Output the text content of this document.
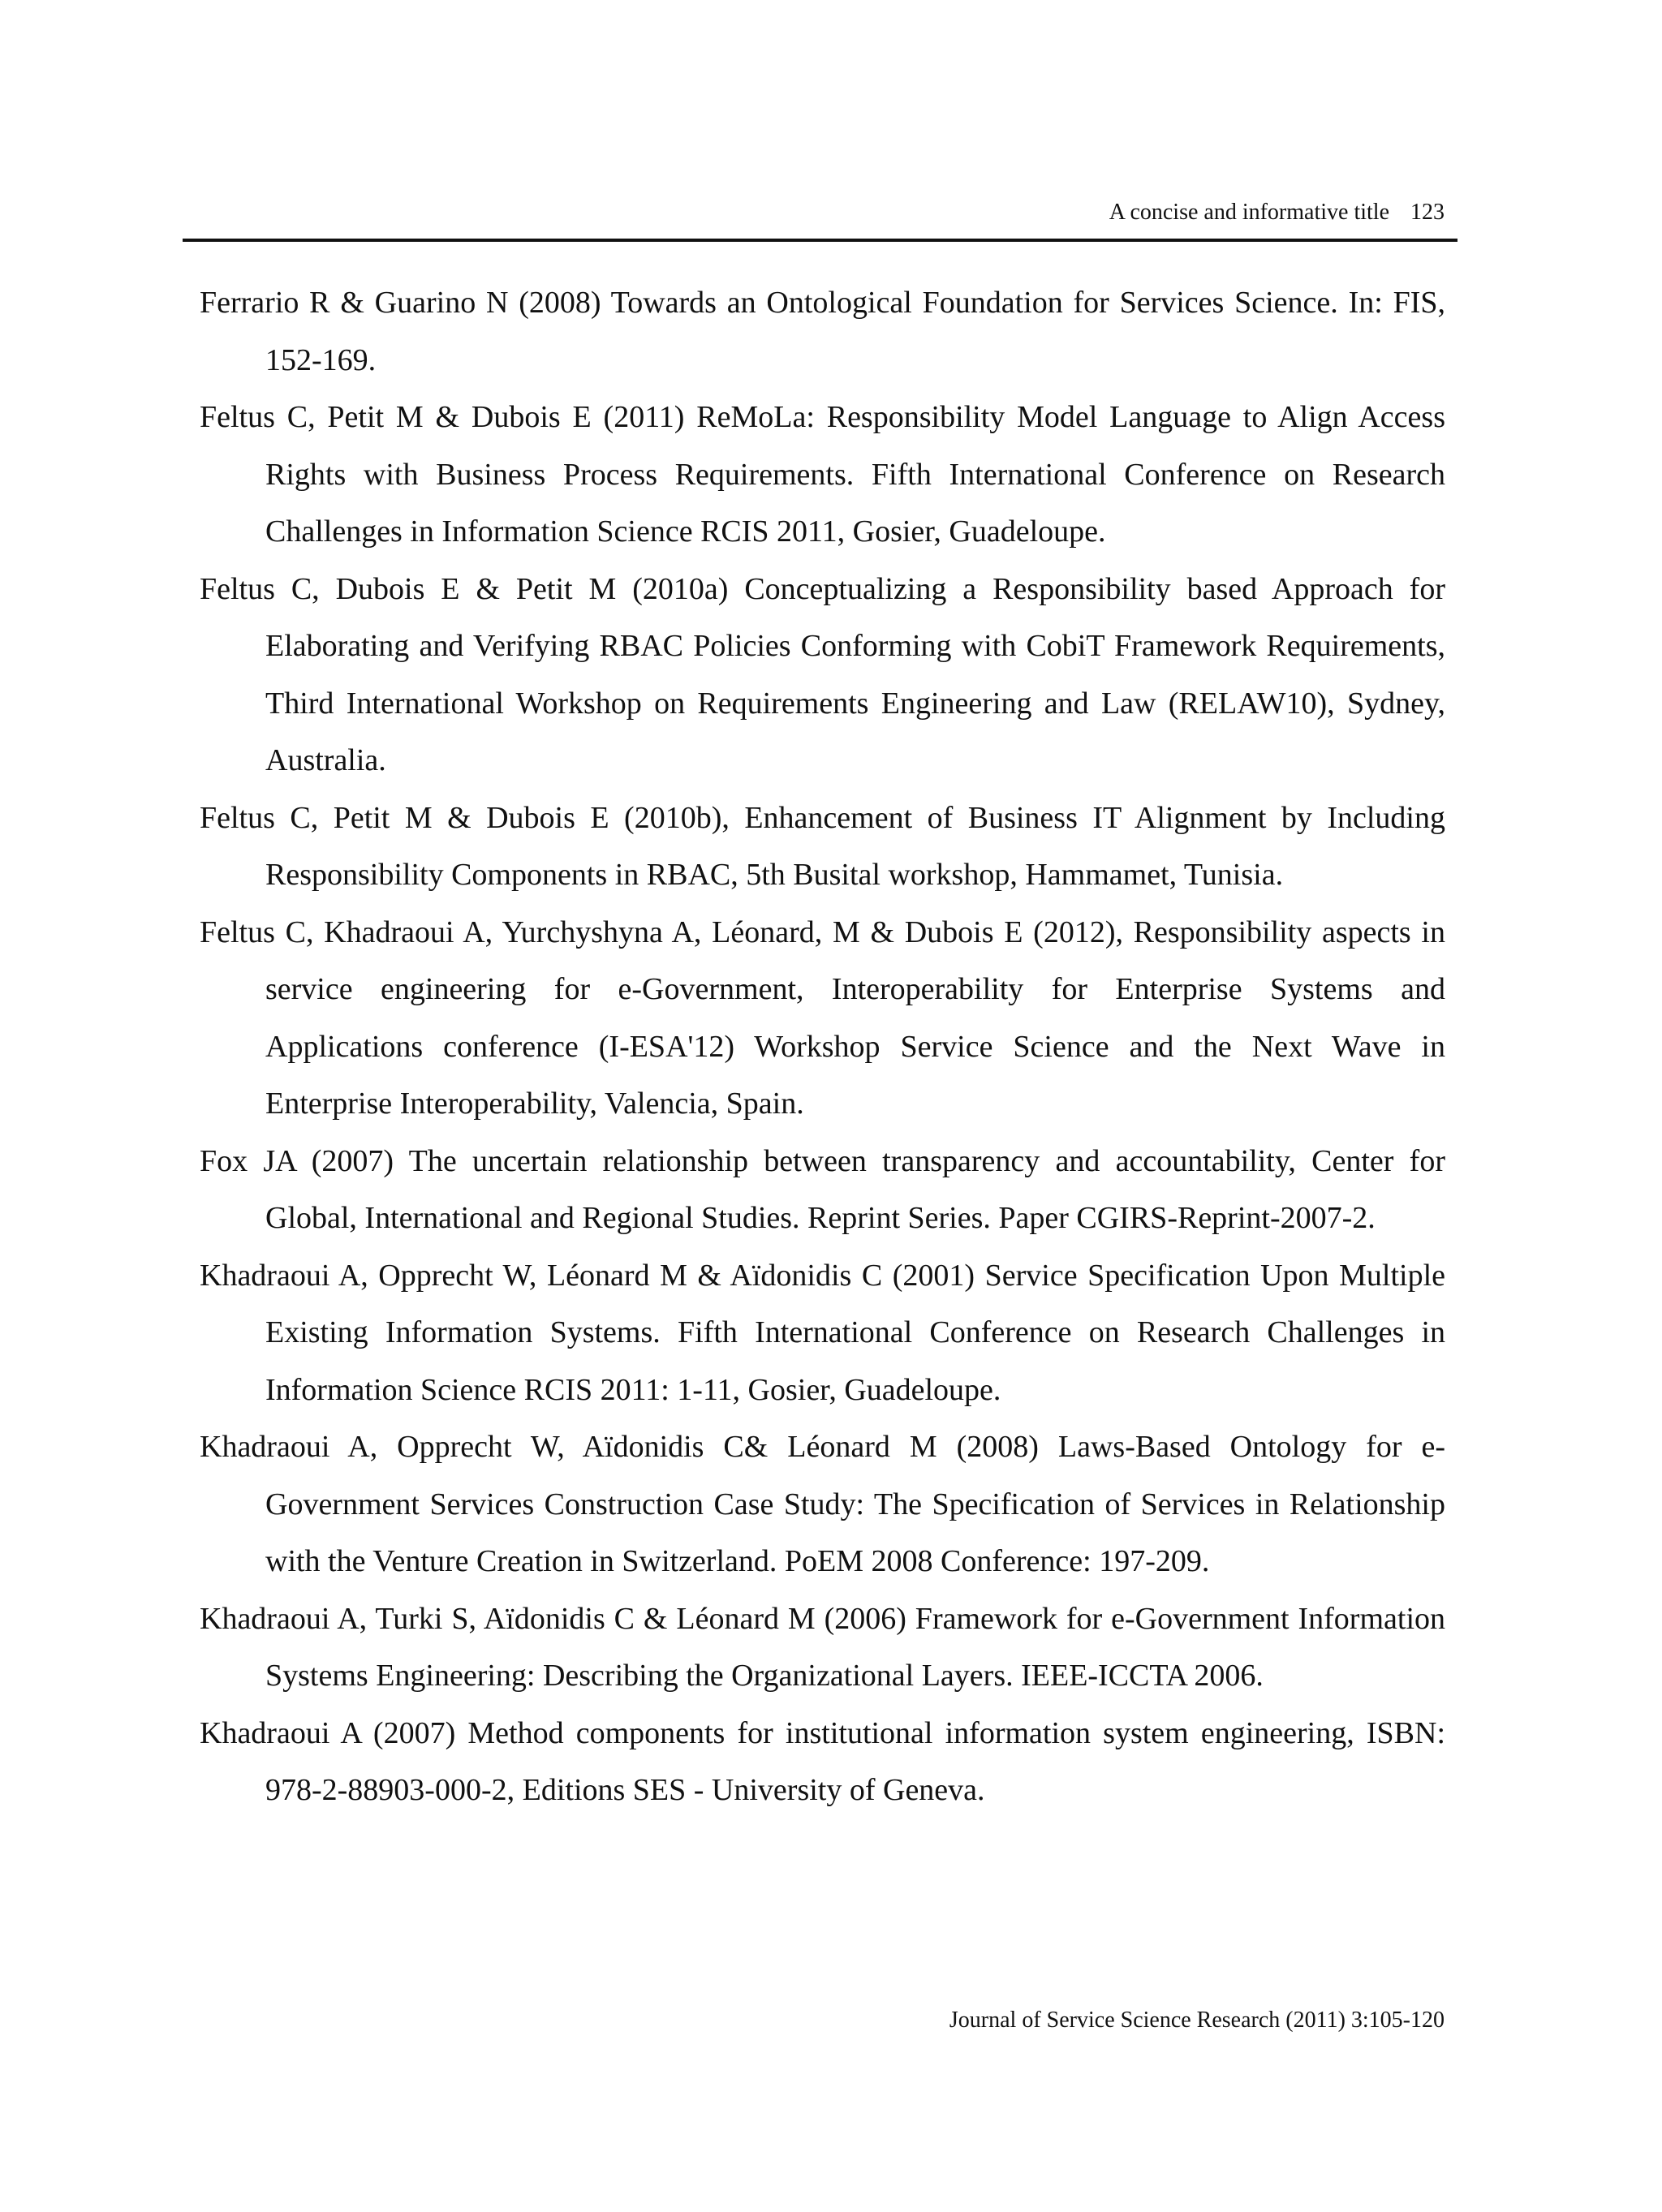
A concise and informative title 123
Ferrario R & Guarino N (2008) Towards an Ontological Foundation for Services Science. In: FIS, 152-169.
Feltus C, Petit M & Dubois E (2011) ReMoLa: Responsibility Model Language to Align Access Rights with Business Process Requirements. Fifth International Conference on Research Challenges in Information Science RCIS 2011, Gosier, Guadeloupe.
Feltus C, Dubois E & Petit M (2010a) Conceptualizing a Responsibility based Approach for Elaborating and Verifying RBAC Policies Conforming with CobiT Framework Requirements, Third International Workshop on Requirements Engineering and Law (RELAW10), Sydney, Australia.
Feltus C, Petit M & Dubois E (2010b), Enhancement of Business IT Alignment by Including Responsibility Components in RBAC, 5th Busital workshop, Hammamet, Tunisia.
Feltus C, Khadraoui A, Yurchyshyna A, Léonard, M & Dubois E (2012), Responsibility aspects in service engineering for e-Government, Interoperability for Enterprise Systems and Applications conference (I-ESA'12) Workshop Service Science and the Next Wave in Enterprise Interoperability, Valencia, Spain.
Fox JA (2007) The uncertain relationship between transparency and accountability, Center for Global, International and Regional Studies. Reprint Series. Paper CGIRS-Reprint-2007-2.
Khadraoui A, Opprecht W, Léonard M & Aïdonidis C (2001) Service Specification Upon Multiple Existing Information Systems. Fifth International Conference on Research Challenges in Information Science RCIS 2011: 1-11, Gosier, Guadeloupe.
Khadraoui A, Opprecht W, Aïdonidis C& Léonard M (2008) Laws-Based Ontology for e-Government Services Construction Case Study: The Specification of Services in Relationship with the Venture Creation in Switzerland. PoEM 2008 Conference: 197-209.
Khadraoui A, Turki S, Aïdonidis C & Léonard M (2006) Framework for e-Government Information Systems Engineering: Describing the Organizational Layers. IEEE-ICCTA 2006.
Khadraoui A (2007) Method components for institutional information system engineering, ISBN: 978-2-88903-000-2, Editions SES - University of Geneva.
Journal of Service Science Research (2011) 3:105-120
